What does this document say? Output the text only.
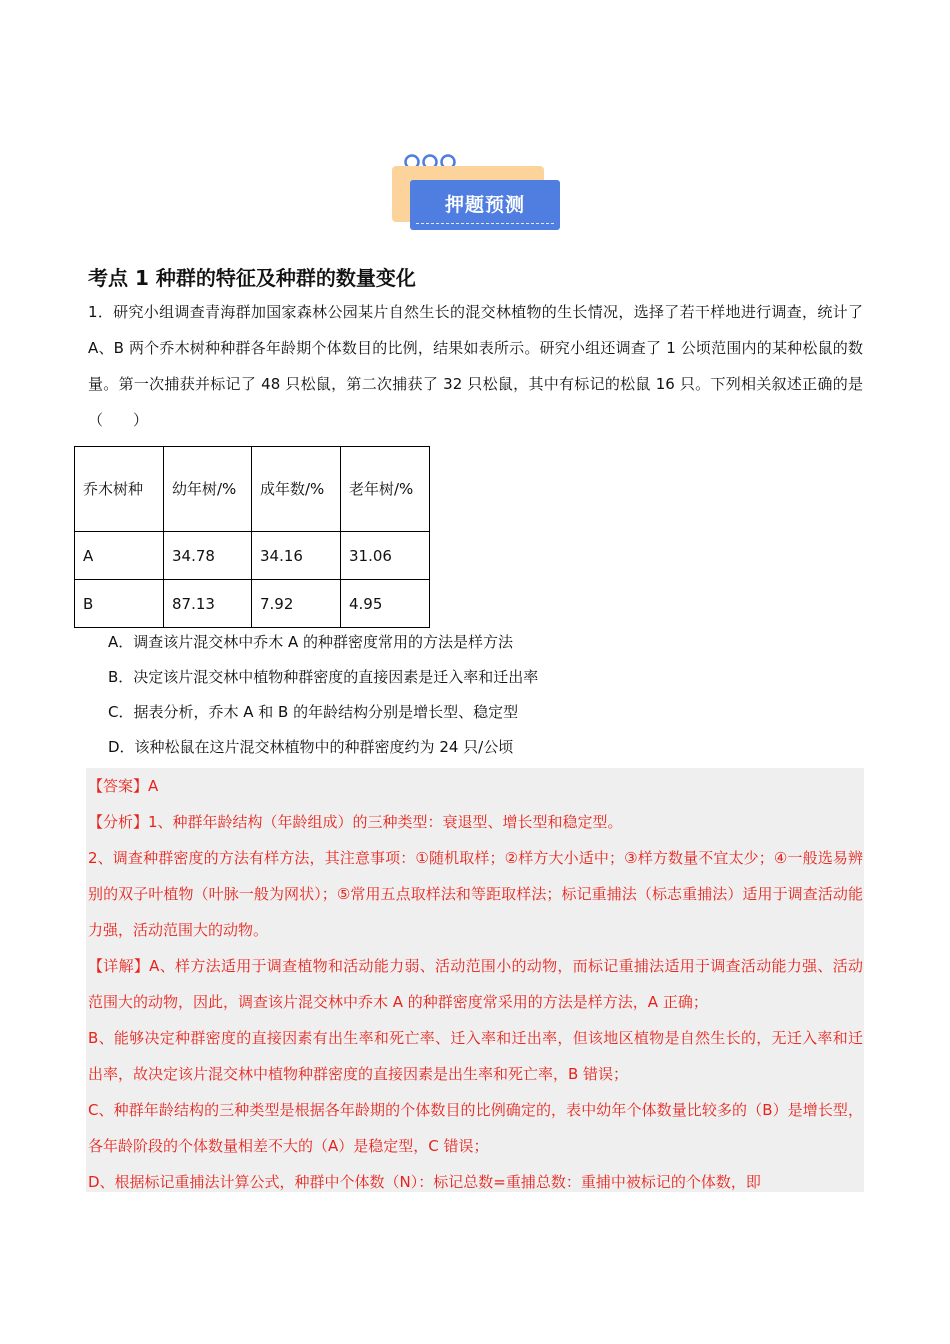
押题预测
考点 1 种群的特征及种群的数量变化
1．研究小组调查青海群加国家森林公园某片自然生长的混交林植物的生长情况，选择了若干样地进行调查，统计了 A、B 两个乔木树种种群各年龄期个体数目的比例，结果如表所示。研究小组还调查了 1 公顷范围内的某种松鼠的数量。第一次捕获并标记了 48 只松鼠，第二次捕获了 32 只松鼠，其中有标记的松鼠 16 只。下列相关叙述正确的是（　　）
乔木树种	幼年树/%	成年数/%	老年树/%

A	34.78	34.16	31.06
B	87.13	7.92	4.95
A．调查该片混交林中乔木 A 的种群密度常用的方法是样方法
B．决定该片混交林中植物种群密度的直接因素是迁入率和迁出率
C．据表分析，乔木 A 和 B 的年龄结构分别是增长型、稳定型
D．该种松鼠在这片混交林植物中的种群密度约为 24 只/公顷
【答案】A
【分析】1、种群年龄结构（年龄组成）的三种类型：衰退型、增长型和稳定型。
2、调查种群密度的方法有样方法，其注意事项：①随机取样；②样方大小适中；③样方数量不宜太少；④一般选易辨别的双子叶植物（叶脉一般为网状）；⑤常用五点取样法和等距取样法；标记重捕法（标志重捕法）适用于调查活动能力强，活动范围大的动物。
【详解】A、样方法适用于调查植物和活动能力弱、活动范围小的动物，而标记重捕法适用于调查活动能力强、活动范围大的动物，因此，调查该片混交林中乔木 A 的种群密度常采用的方法是样方法，A 正确；
B、能够决定种群密度的直接因素有出生率和死亡率、迁入率和迁出率，但该地区植物是自然生长的，无迁入率和迁出率，故决定该片混交林中植物种群密度的直接因素是出生率和死亡率，B 错误；
C、种群年龄结构的三种类型是根据各年龄期的个体数目的比例确定的，表中幼年个体数量比较多的（B）是增长型，各年龄阶段的个体数量相差不大的（A）是稳定型，C 错误；
D、根据标记重捕法计算公式，种群中个体数（N）：标记总数=重捕总数：重捕中被标记的个体数，即
